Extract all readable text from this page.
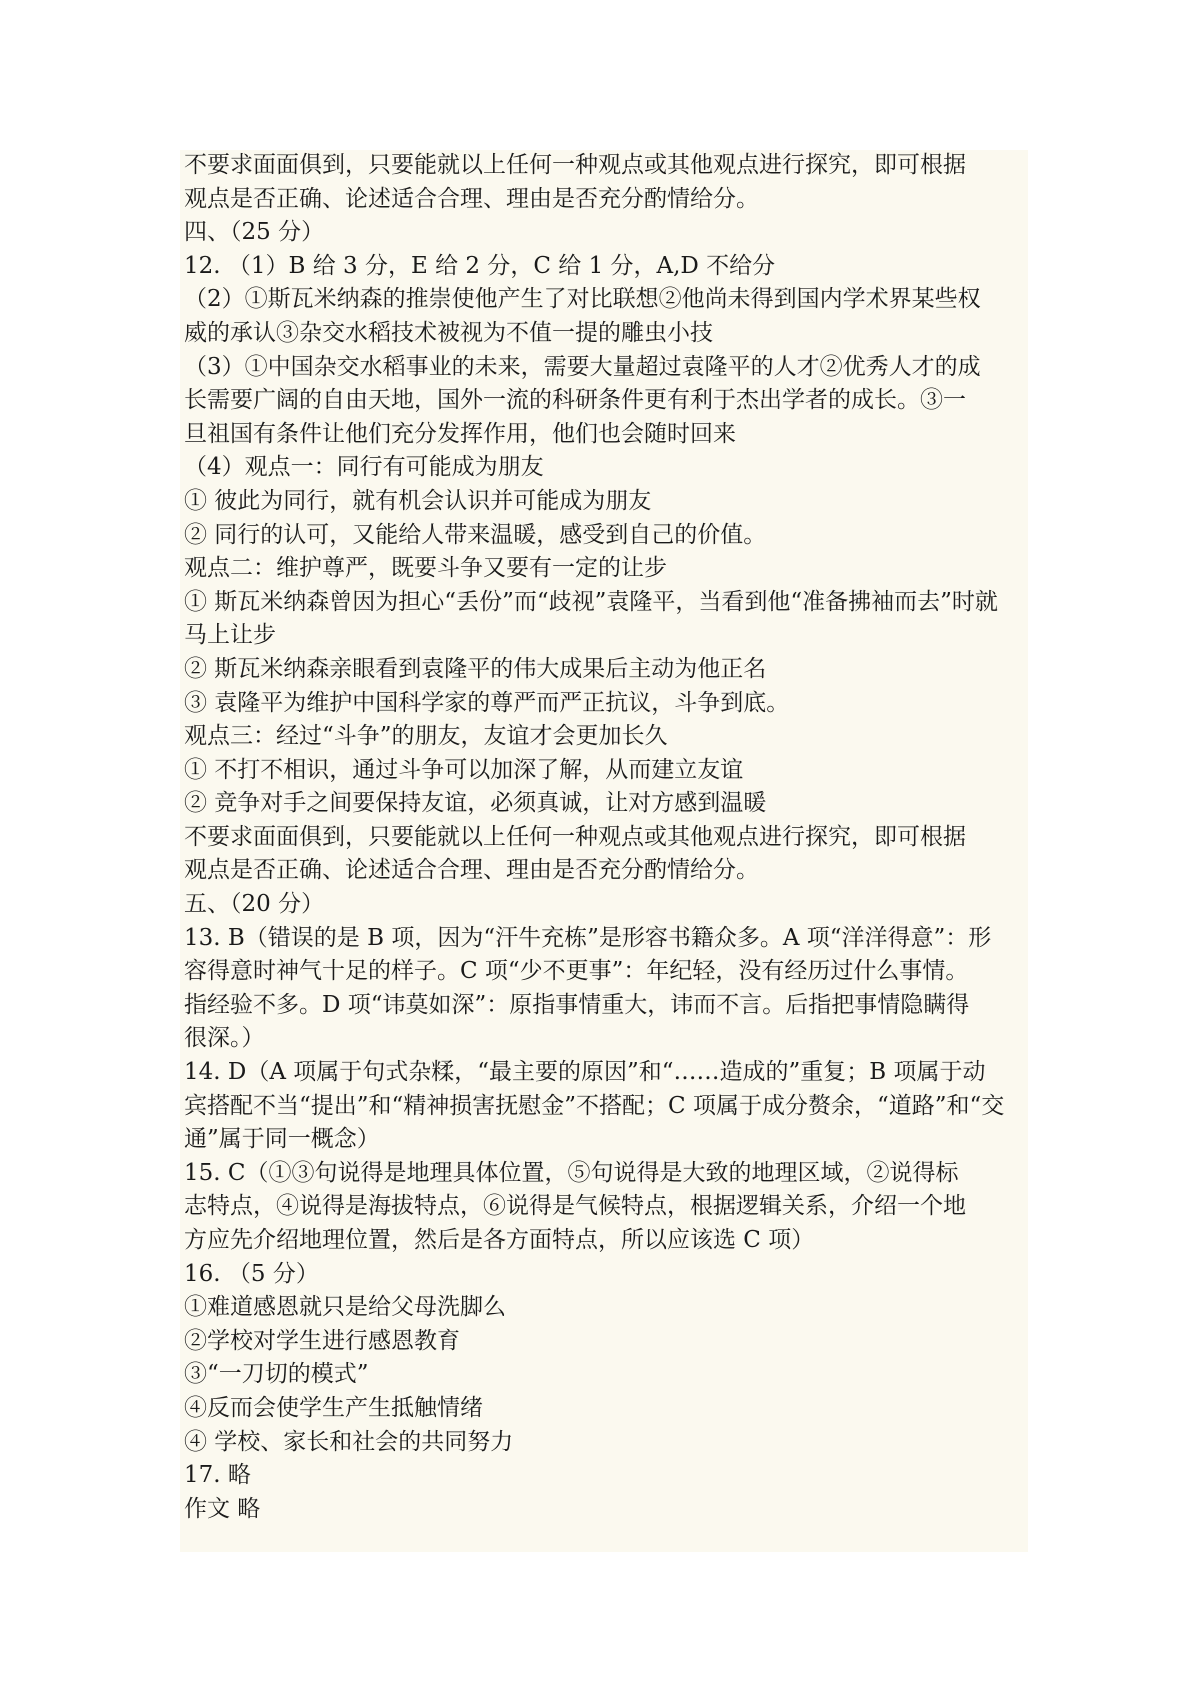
不要求面面俱到，只要能就以上任何一种观点或其他观点进行探究，即可根据
观点是否正确、论述适合合理、理由是否充分酌情给分。
四、（25 分）
12. （1）B 给 3 分，E 给 2 分，C 给 1 分，A,D 不给分
（2）①斯瓦米纳森的推崇使他产生了对比联想②他尚未得到国内学术界某些权
威的承认③杂交水稻技术被视为不值一提的雕虫小技
（3）①中国杂交水稻事业的未来，需要大量超过袁隆平的人才②优秀人才的成
长需要广阔的自由天地，国外一流的科研条件更有利于杰出学者的成长。③一
旦祖国有条件让他们充分发挥作用，他们也会随时回来
（4）观点一：同行有可能成为朋友
① 彼此为同行，就有机会认识并可能成为朋友
② 同行的认可，又能给人带来温暖，感受到自己的价值。
观点二：维护尊严，既要斗争又要有一定的让步
① 斯瓦米纳森曾因为担心“丢份”而“歧视”袁隆平，当看到他“准备拂袖而去”时就
马上让步
② 斯瓦米纳森亲眼看到袁隆平的伟大成果后主动为他正名
③ 袁隆平为维护中国科学家的尊严而严正抗议，斗争到底。
观点三：经过“斗争”的朋友，友谊才会更加长久
① 不打不相识，通过斗争可以加深了解，从而建立友谊
② 竞争对手之间要保持友谊，必须真诚，让对方感到温暖
不要求面面俱到，只要能就以上任何一种观点或其他观点进行探究，即可根据
观点是否正确、论述适合合理、理由是否充分酌情给分。
五、（20 分）
13. B（错误的是 B 项，因为“汗牛充栋”是形容书籍众多。A 项“洋洋得意”：形
容得意时神气十足的样子。C 项“少不更事”：年纪轻，没有经历过什么事情。
指经验不多。D 项“讳莫如深”：原指事情重大，讳而不言。后指把事情隐瞒得
很深。）
14. D（A 项属于句式杂糅，“最主要的原因”和“……造成的”重复；B 项属于动
宾搭配不当“提出”和“精神损害抚慰金”不搭配；C 项属于成分赘余，“道路”和“交
通”属于同一概念）
15. C（①③句说得是地理具体位置，⑤句说得是大致的地理区域，②说得标
志特点，④说得是海拔特点，⑥说得是气候特点，根据逻辑关系，介绍一个地
方应先介绍地理位置，然后是各方面特点，所以应该选 C 项）
16. （5 分）
①难道感恩就只是给父母洗脚么
②学校对学生进行感恩教育
③“一刀切的模式”
④反而会使学生产生抵触情绪
④ 学校、家长和社会的共同努力
17. 略
作文 略
